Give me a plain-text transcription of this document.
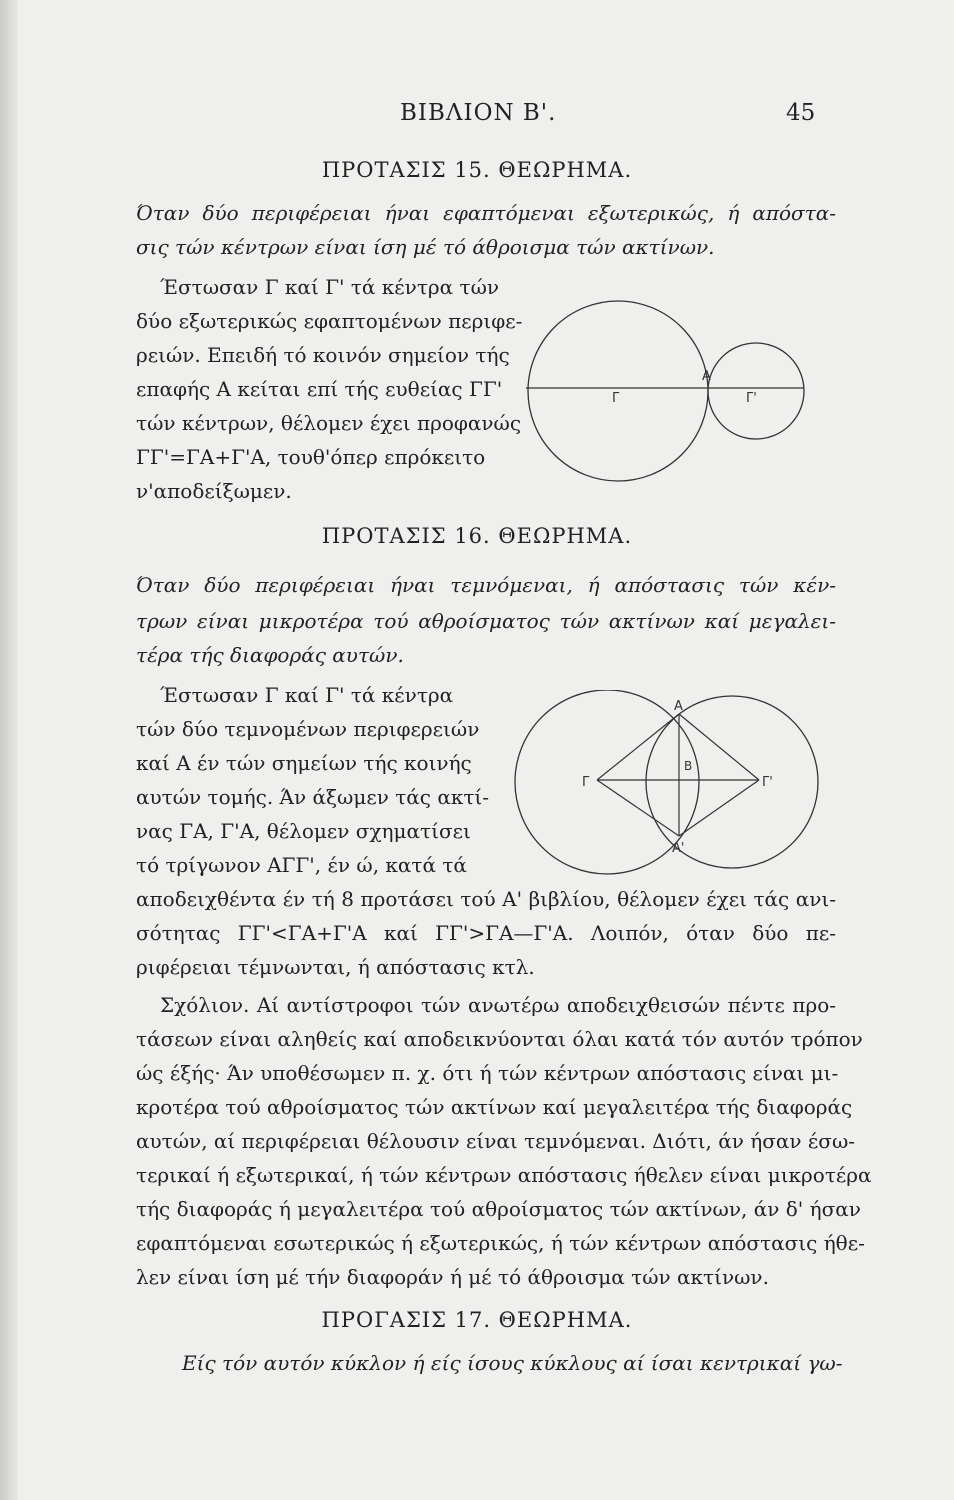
ΒΙΒΛΙΟΝ Β'.	45
ΠΡΟΤΑΣΙΣ 15. ΘΕΩΡΗΜΑ.
Όταν δύο περιφέρειαι ήναι εφαπτόμεναι εξωτερικώς, ή απόστα-
σις τών κέντρων είναι ίση μέ τό άθροισμα τών ακτίνων.
Έστωσαν Γ καί Γ' τά κέντρα τών
δύο εξωτερικώς εφαπτομένων περιφε-
ρειών. Επειδή τό κοινόν σημείον τής
επαφής Α κείται επί τής ευθείας ΓΓ'
τών κέντρων, θέλομεν έχει προφανώς
ΓΓ'=ΓΑ+Γ'Α, τουθ'όπερ επρόκειτο
ν'αποδείξωμεν.
Α
Γ	Γ'
ΠΡΟΤΑΣΙΣ 16. ΘΕΩΡΗΜΑ.
Όταν δύο περιφέρειαι ήναι τεμνόμεναι, ή απόστασις τών κέν-
τρων είναι μικροτέρα τού αθροίσματος τών ακτίνων καί μεγαλει-
τέρα τής διαφοράς αυτών.
Έστωσαν Γ καί Γ' τά κέντρα
τών δύο τεμνομένων περιφερειών
καί Α έν τών σημείων τής κοινής
αυτών τομής. Άν άξωμεν τάς ακτί-
νας ΓΑ, Γ'Α, θέλομεν σχηματίσει
τό τρίγωνον ΑΓΓ', έν ώ, κατά τά
Α
Α'
Β
Γ	Γ'
αποδειχθέντα έν τή 8 προτάσει τού Α' βιβλίου, θέλομεν έχει τάς ανι-
σότητας ΓΓ'<ΓΑ+Γ'Α καί ΓΓ'>ΓΑ—Γ'Α. Λοιπόν, όταν δύο πε-
ριφέρειαι τέμνωνται, ή απόστασις κτλ.
Σχόλιον. Αί αντίστροφοι τών ανωτέρω αποδειχθεισών πέντε προ-
τάσεων είναι αληθείς καί αποδεικνύονται όλαι κατά τόν αυτόν τρόπον
ώς έξής· Άν υποθέσωμεν π. χ. ότι ή τών κέντρων απόστασις είναι μι-
κροτέρα τού αθροίσματος τών ακτίνων καί μεγαλειτέρα τής διαφοράς
αυτών, αί περιφέρειαι θέλουσιν είναι τεμνόμεναι. Διότι, άν ήσαν έσω-
τερικαί ή εξωτερικαί, ή τών κέντρων απόστασις ήθελεν είναι μικροτέρα
τής διαφοράς ή μεγαλειτέρα τού αθροίσματος τών ακτίνων, άν δ' ήσαν
εφαπτόμεναι εσωτερικώς ή εξωτερικώς, ή τών κέντρων απόστασις ήθε-
λεν είναι ίση μέ τήν διαφοράν ή μέ τό άθροισμα τών ακτίνων.
ΠΡΟΓΑΣΙΣ 17. ΘΕΩΡΗΜΑ.
Είς τόν αυτόν κύκλον ή είς ίσους κύκλους αί ίσαι κεντρικαί γω-
